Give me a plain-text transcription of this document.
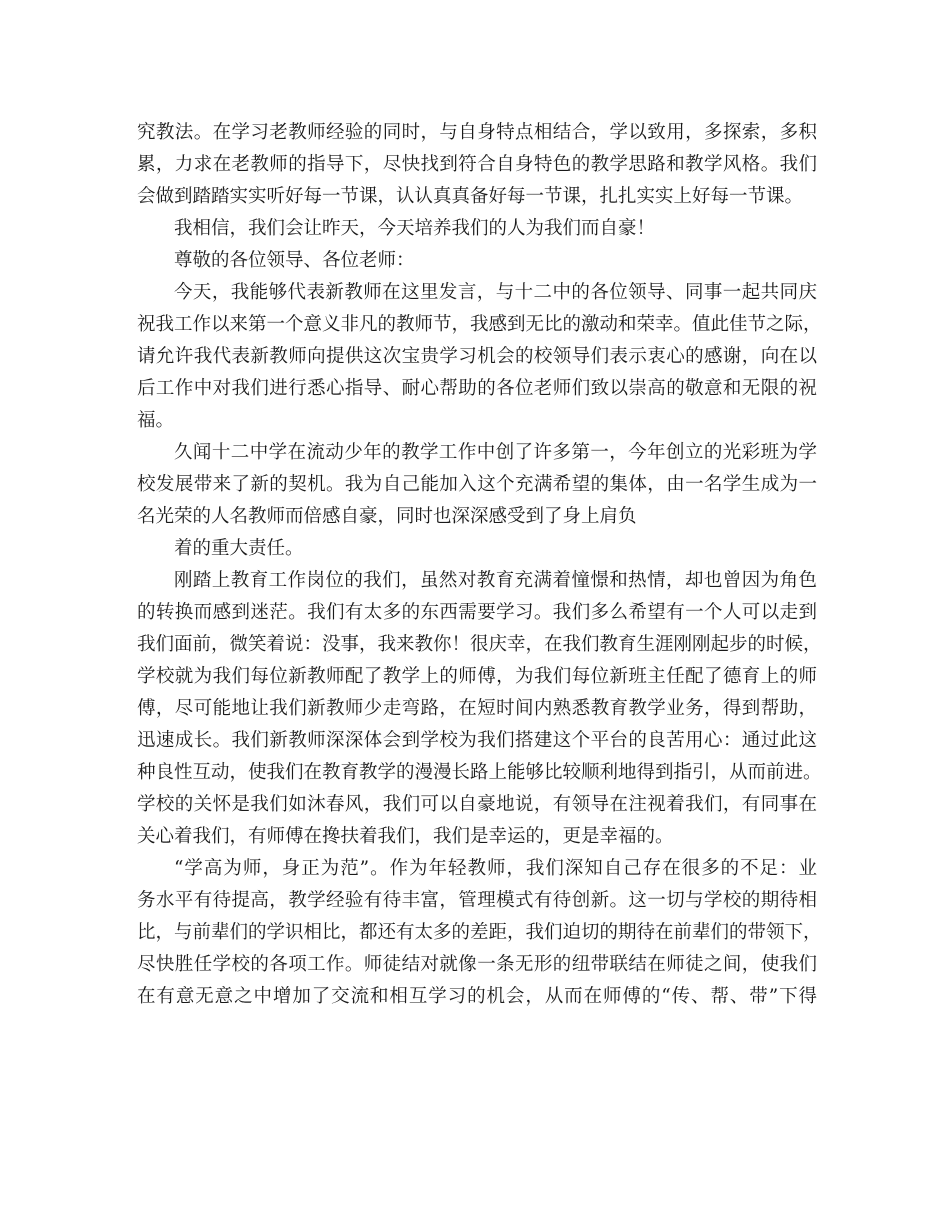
究教法。在学习老教师经验的同时，与自身特点相结合，学以致用，多探索，多积
累，力求在老教师的指导下，尽快找到符合自身特色的教学思路和教学风格。我们
会做到踏踏实实听好每一节课，认认真真备好每一节课，扎扎实实上好每一节课。
我相信，我们会让昨天，今天培养我们的人为我们而自豪！
尊敬的各位领导、各位老师：
今天，我能够代表新教师在这里发言，与十二中的各位领导、同事一起共同庆
祝我工作以来第一个意义非凡的教师节，我感到无比的激动和荣幸。值此佳节之际，
请允许我代表新教师向提供这次宝贵学习机会的校领导们表示衷心的感谢，向在以
后工作中对我们进行悉心指导、耐心帮助的各位老师们致以崇高的敬意和无限的祝
福。
久闻十二中学在流动少年的教学工作中创了许多第一，今年创立的光彩班为学
校发展带来了新的契机。我为自己能加入这个充满希望的集体，由一名学生成为一
名光荣的人名教师而倍感自豪，同时也深深感受到了身上肩负
着的重大责任。
刚踏上教育工作岗位的我们，虽然对教育充满着憧憬和热情，却也曾因为角色
的转换而感到迷茫。我们有太多的东西需要学习。我们多么希望有一个人可以走到
我们面前，微笑着说：没事，我来教你！很庆幸，在我们教育生涯刚刚起步的时候，
学校就为我们每位新教师配了教学上的师傅，为我们每位新班主任配了德育上的师
傅，尽可能地让我们新教师少走弯路，在短时间内熟悉教育教学业务，得到帮助，
迅速成长。我们新教师深深体会到学校为我们搭建这个平台的良苦用心：通过此这
种良性互动，使我们在教育教学的漫漫长路上能够比较顺利地得到指引，从而前进。
学校的关怀是我们如沐春风，我们可以自豪地说，有领导在注视着我们，有同事在
关心着我们，有师傅在搀扶着我们，我们是幸运的，更是幸福的。
“学高为师，身正为范”。作为年轻教师，我们深知自己存在很多的不足：业
务水平有待提高，教学经验有待丰富，管理模式有待创新。这一切与学校的期待相
比，与前辈们的学识相比，都还有太多的差距，我们迫切的期待在前辈们的带领下，
尽快胜任学校的各项工作。师徒结对就像一条无形的纽带联结在师徒之间，使我们
在有意无意之中增加了交流和相互学习的机会，从而在师傅的“传、帮、带”下得
